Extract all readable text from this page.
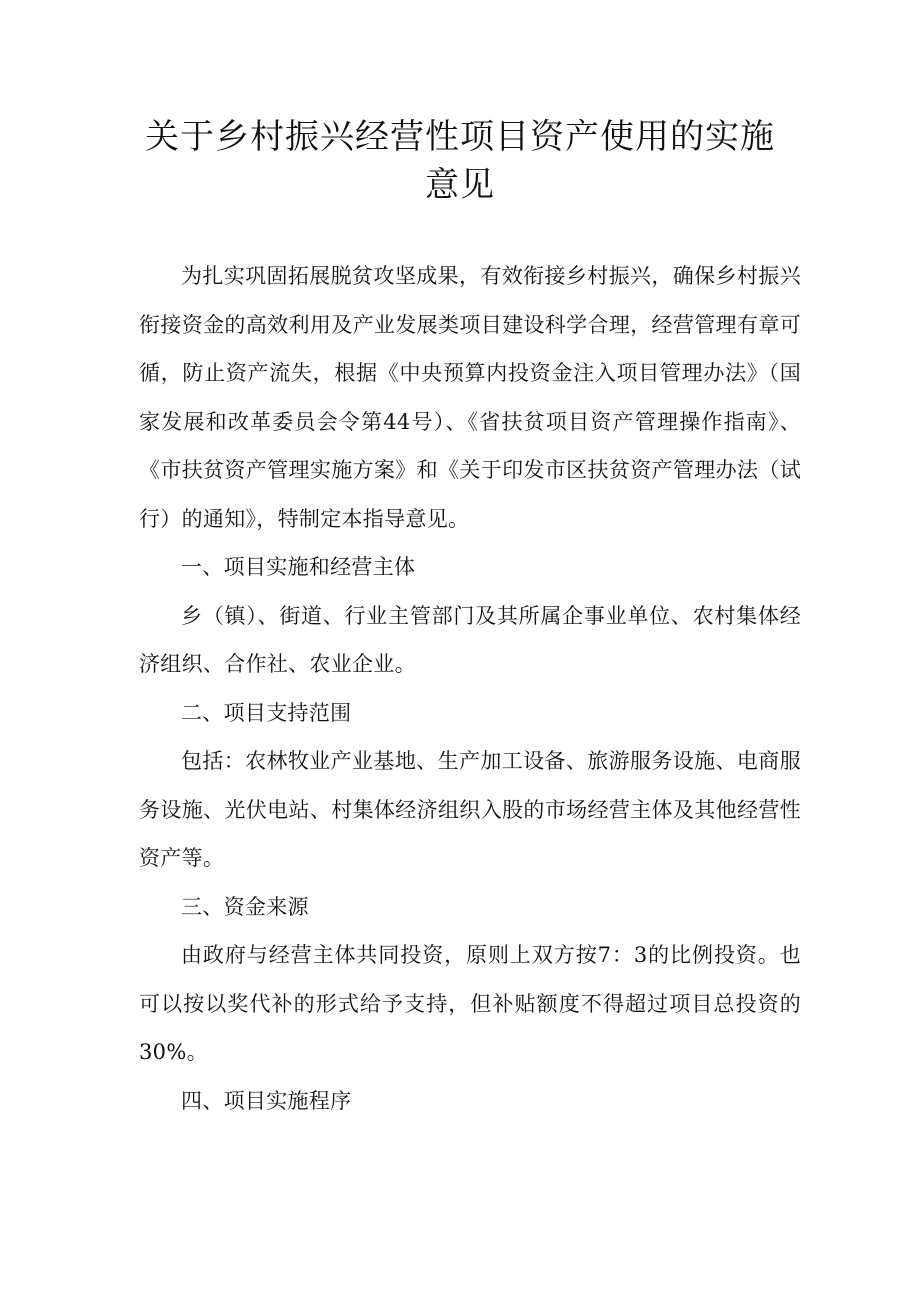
关于乡村振兴经营性项目资产使用的实施
意见

为扎实巩固拓展脱贫攻坚成果，有效衔接乡村振兴，确保乡村振兴衔接资金的高效利用及产业发展类项目建设科学合理，经营管理有章可循，防止资产流失，根据《中央预算内投资金注入项目管理办法》（国家发展和改革委员会令第44号）、《省扶贫项目资产管理操作指南》、《市扶贫资产管理实施方案》和《关于印发市区扶贫资产管理办法（试行）的通知》，特制定本指导意见。

一、项目实施和经营主体

乡（镇）、街道、行业主管部门及其所属企事业单位、农村集体经济组织、合作社、农业企业。

二、项目支持范围

包括：农林牧业产业基地、生产加工设备、旅游服务设施、电商服务设施、光伏电站、村集体经济组织入股的市场经营主体及其他经营性资产等。

三、资金来源

由政府与经营主体共同投资，原则上双方按7：3的比例投资。也可以按以奖代补的形式给予支持，但补贴额度不得超过项目总投资的30%。

四、项目实施程序
